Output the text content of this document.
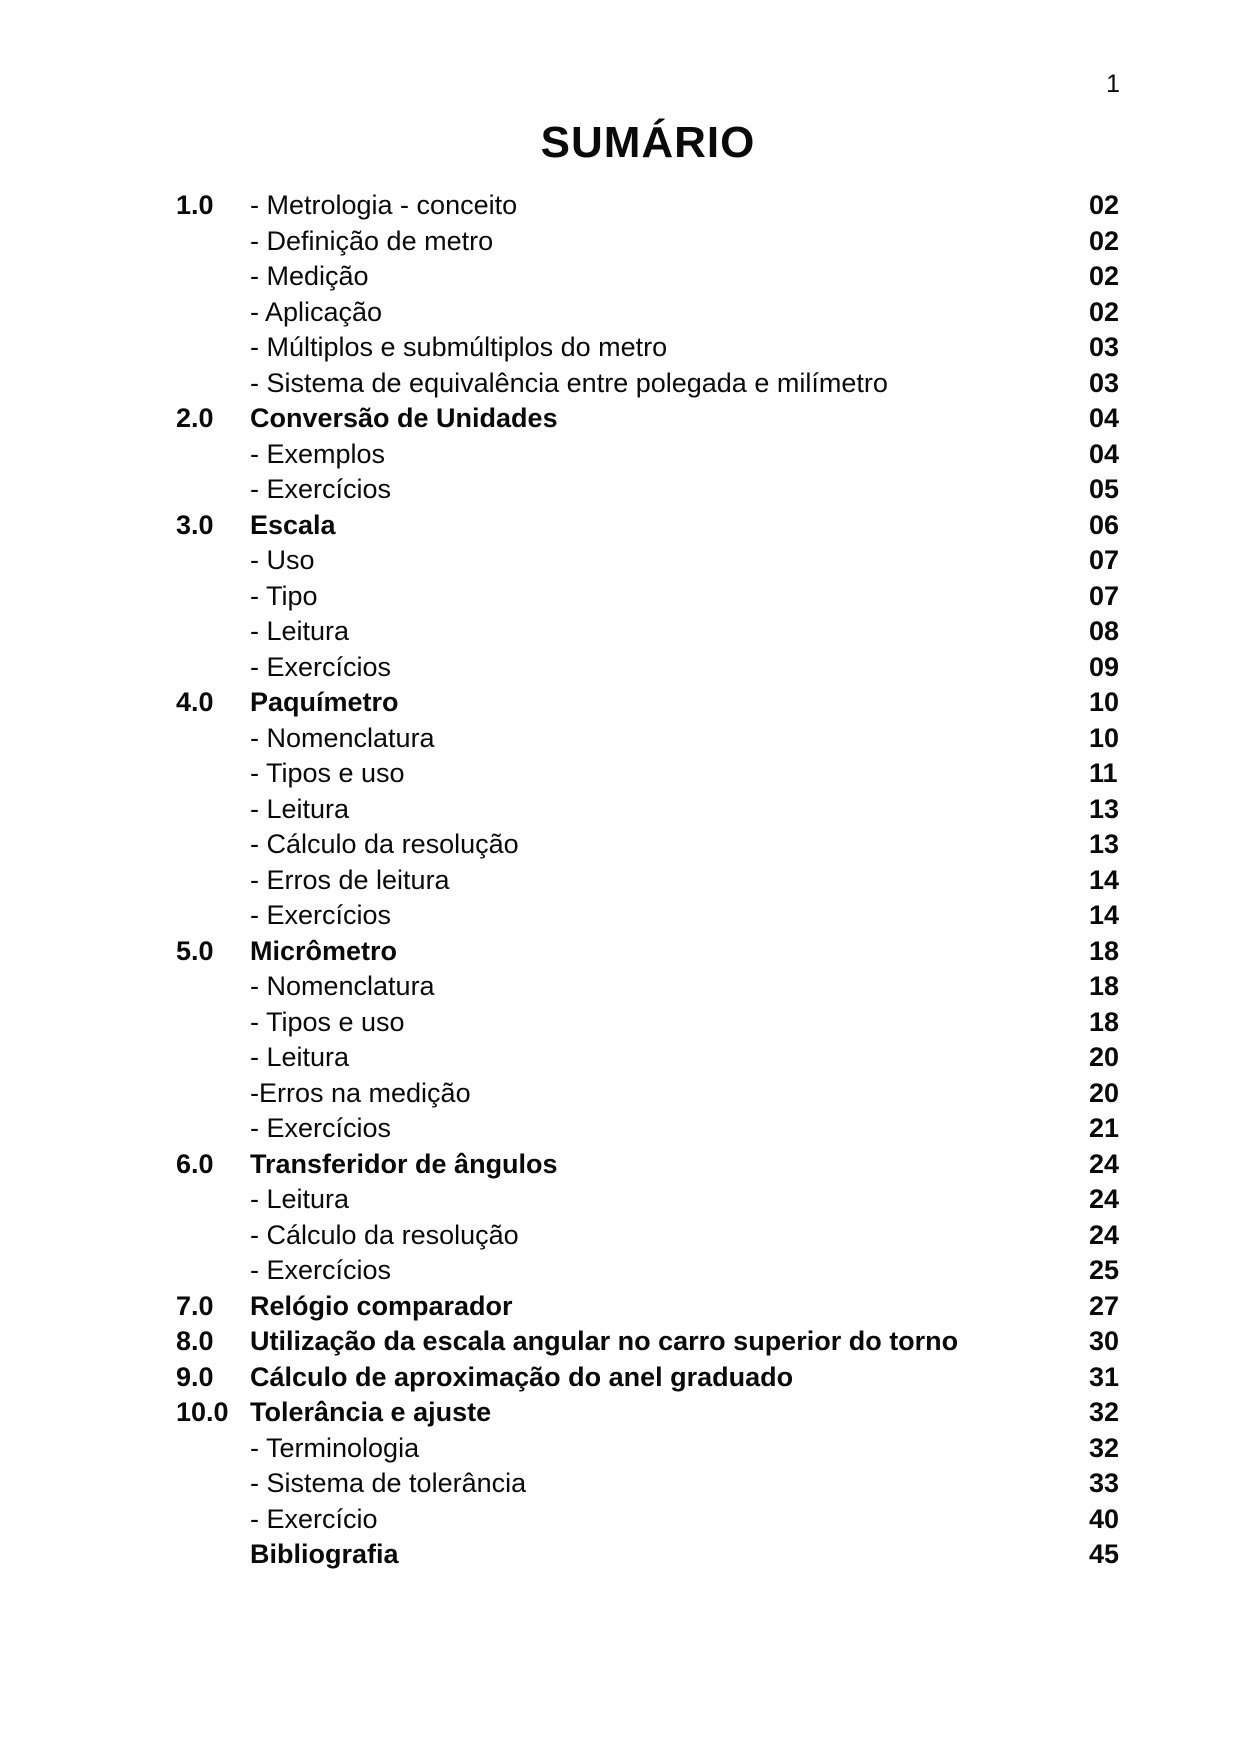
1
SUMÁRIO
1.0 - Metrologia - conceito	02
- Definição de metro	02
- Medição	02
- Aplicação	02
- Múltiplos e submúltiplos do metro	03
- Sistema de equivalência entre polegada e milímetro	03
2.0 Conversão de Unidades	04
- Exemplos	04
- Exercícios	05
3.0 Escala	06
- Uso	07
- Tipo	07
- Leitura	08
- Exercícios	09
4.0 Paquímetro	10
- Nomenclatura	10
- Tipos e uso	11
- Leitura	13
- Cálculo da resolução	13
- Erros de leitura	14
- Exercícios	14
5.0 Micrômetro	18
- Nomenclatura	18
- Tipos e uso	18
- Leitura	20
-Erros na medição	20
- Exercícios	21
6.0 Transferidor de ângulos	24
- Leitura	24
- Cálculo da resolução	24
- Exercícios	25
7.0 Relógio comparador	27
8.0 Utilização da escala angular no carro superior do torno	30
9.0 Cálculo de aproximação do anel graduado	31
10.0 Tolerância e ajuste	32
- Terminologia	32
- Sistema de tolerância	33
- Exercício	40
Bibliografia	45
